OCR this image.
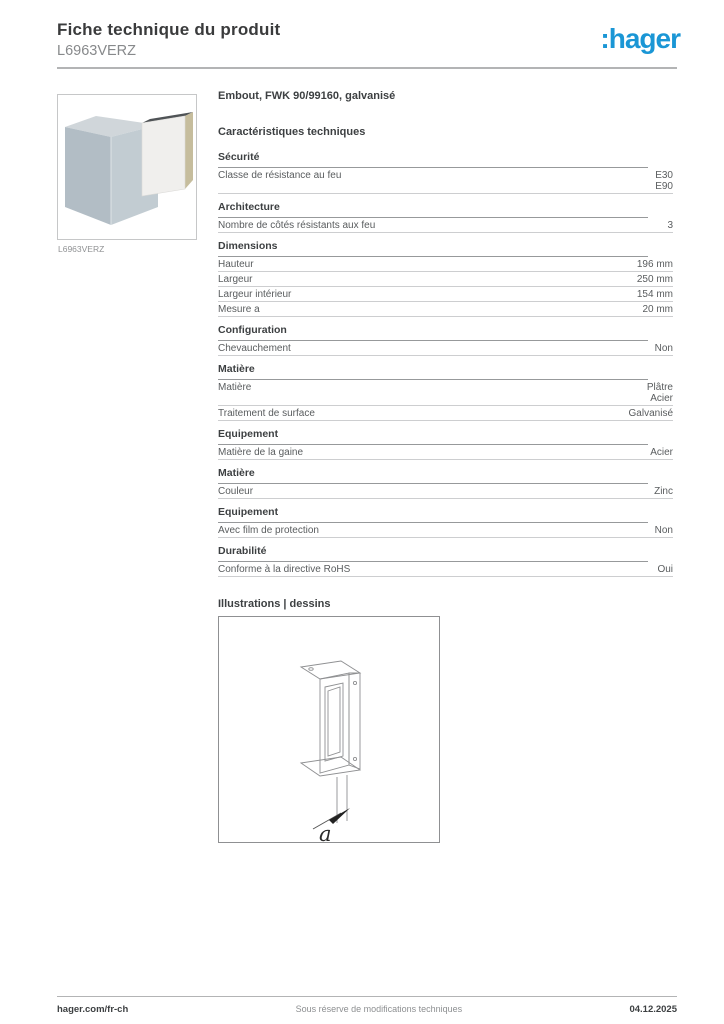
Fiche technique du produit
L6963VERZ	:hager
L6963VERZ
Embout, FWK 90/99160, galvanisé
Caractéristiques techniques
Sécurité
Classe de résistance au feu	E30
E90
Architecture
Nombre de côtés résistants aux feu	3
Dimensions
Hauteur	196 mm
Largeur	250 mm
Largeur intérieur	154 mm
Mesure a	20 mm
Configuration
Chevauchement	Non
Matière
Matière	Plâtre
Acier
Traitement de surface	Galvanisé
Equipement
Matière de la gaine	Acier
Matière
Couleur	Zinc
Equipement
Avec film de protection	Non
Durabilité
Conforme à la directive RoHS	Oui
Illustrations | dessins
a
hager.com/fr-ch	Sous réserve de modifications techniques	04.12.2025
